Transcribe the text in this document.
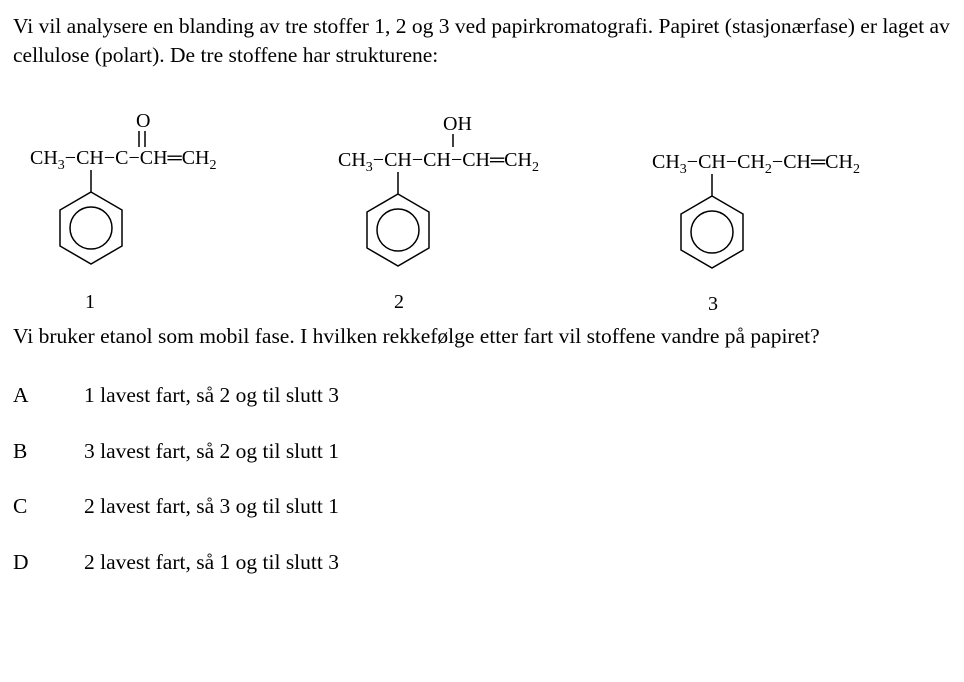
Vi vil analysere en blanding av tre stoffer 1, 2 og 3 ved papirkromatografi. Papiret (stasjonærfase) er laget av cellulose (polart). De tre stoffene har strukturene:
O
$CH_3-CH-C-CH═CH_2$
1
OH
$CH_3-CH-CH-CH═CH_2$
2
$CH_3-CH-CH_2-CH═CH_2$
3
Vi bruker etanol som mobil fase. I hvilken rekkefølge etter fart vil stoffene vandre på papiret?
A	1 lavest fart, så 2 og til slutt 3
B	3 lavest fart, så 2 og til slutt 1
C	2 lavest fart, så 3 og til slutt 1
D	2 lavest fart, så 1 og til slutt 3
